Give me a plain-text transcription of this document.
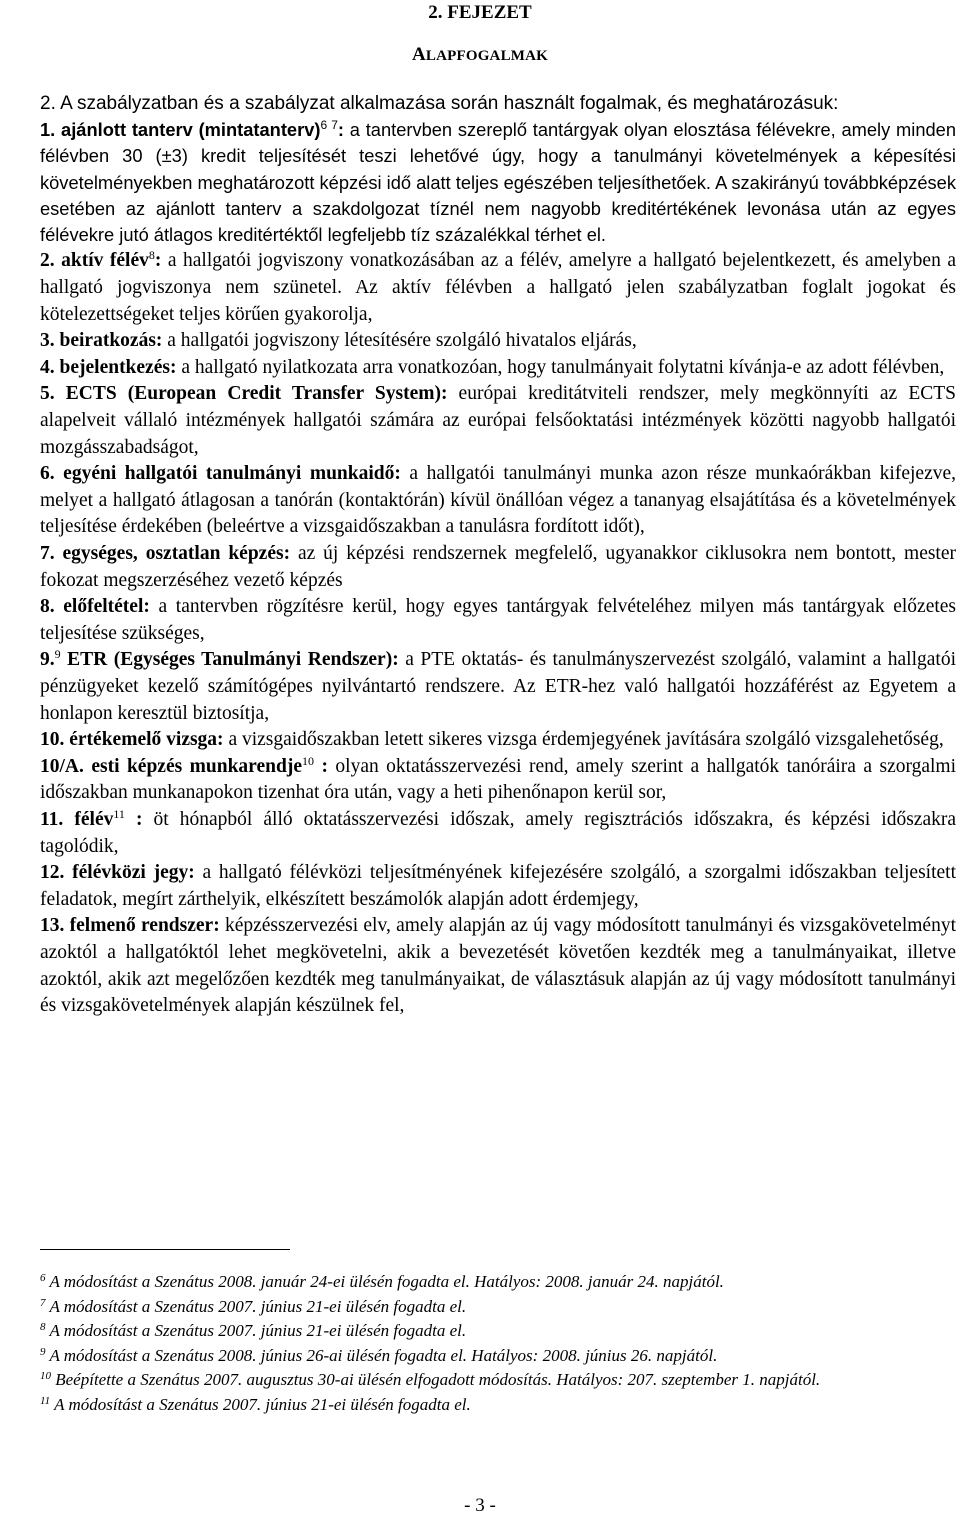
2. FEJEZET
ALAPFOGALMAK
2. A szabályzatban és a szabályzat alkalmazása során használt fogalmak, és meghatározásuk:

1. ajánlott tanterv (mintatanterv)$^{6 7}$: a tantervben szereplő tantárgyak olyan elosztása félévekre, amely minden félévben 30 (±3) kredit teljesítését teszi lehetővé úgy, hogy a tanulmányi követelmények a képesítési követelményekben meghatározott képzési idő alatt teljes egészében teljesíthetőek. A szakirányú továbbképzések esetében az ajánlott tanterv a szakdolgozat tíznél nem nagyobb kreditértékének levonása után az egyes félévekre jutó átlagos kreditértéktől legfeljebb tíz százalékkal térhet el.

2. aktív félév$^8$: a hallgatói jogviszony vonatkozásában az a félév, amelyre a hallgató bejelentkezett, és amelyben a hallgató jogviszonya nem szünetel. Az aktív félévben a hallgató jelen szabályzatban foglalt jogokat és kötelezettségeket teljes körűen gyakorolja,

3. beiratkozás: a hallgatói jogviszony létesítésére szolgáló hivatalos eljárás,

4. bejelentkezés: a hallgató nyilatkozata arra vonatkozóan, hogy tanulmányait folytatni kívánja-e az adott félévben,

5. ECTS (European Credit Transfer System): európai kreditátviteli rendszer, mely megkönnyíti az ECTS alapelveit vállaló intézmények hallgatói számára az európai felsőoktatási intézmények közötti nagyobb hallgatói mozgásszabadságot,

6. egyéni hallgatói tanulmányi munkaidő: a hallgatói tanulmányi munka azon része munkaórákban kifejezve, melyet a hallgató átlagosan a tanórán (kontaktórán) kívül önállóan végez a tananyag elsajátítása és a követelmények teljesítése érdekében (beleértve a vizsgaidőszakban a tanulásra fordított időt),

7. egységes, osztatlan képzés: az új képzési rendszernek megfelelő, ugyanakkor ciklusokra nem bontott, mester fokozat megszerzéséhez vezető képzés

8. előfeltétel: a tantervben rögzítésre kerül, hogy egyes tantárgyak felvételéhez milyen más tantárgyak előzetes teljesítése szükséges,

9.$^9$ ETR (Egységes Tanulmányi Rendszer): a PTE oktatás- és tanulmányszervezést szolgáló, valamint a hallgatói pénzügyeket kezelő számítógépes nyilvántartó rendszere. Az ETR-hez való hallgatói hozzáférést az Egyetem a honlapon keresztül biztosítja,

10. értékemelő vizsga: a vizsgaidőszakban letett sikeres vizsga érdemjegyének javítására szolgáló vizsgalehetőség,

10/A. esti képzés munkarendje$^{10}$ : olyan oktatásszervezési rend, amely szerint a hallgatók tanóráira a szorgalmi időszakban munkanapokon tizenhat óra után, vagy a heti pihenőnapon kerül sor,

11. félév$^{11}$ : öt hónapból álló oktatásszervezési időszak, amely regisztrációs időszakra, és képzési időszakra tagolódik,

12. félévközi jegy: a hallgató félévközi teljesítményének kifejezésére szolgáló, a szorgalmi időszakban teljesített feladatok, megírt zárthelyik, elkészített beszámolók alapján adott érdemjegy,

13. felmenő rendszer: képzésszervezési elv, amely alapján az új vagy módosított tanulmányi és vizsgakövetelményt azoktól a hallgatóktól lehet megkövetelni, akik a bevezetését követően kezdték meg a tanulmányaikat, illetve azoktól, akik azt megelőzően kezdték meg tanulmányaikat, de választásuk alapján az új vagy módosított tanulmányi és vizsgakövetelmények alapján készülnek fel,

$^6$ A módosítást a Szenátus 2008. január 24-ei ülésén fogadta el. Hatályos: 2008. január 24. napjától.

$^7$ A módosítást a Szenátus 2007. június 21-ei ülésén fogadta el.

$^8$ A módosítást a Szenátus 2007. június 21-ei ülésén fogadta el.

$^9$ A módosítást a Szenátus 2008. június 26-ai ülésén fogadta el. Hatályos: 2008. június 26. napjától.

$^{10}$ Beépítette a Szenátus 2007. augusztus 30-ai ülésén elfogadott módosítás. Hatályos: 207. szeptember 1. napjától.

$^{11}$ A módosítást a Szenátus 2007. június 21-ei ülésén fogadta el.

- 3 -
